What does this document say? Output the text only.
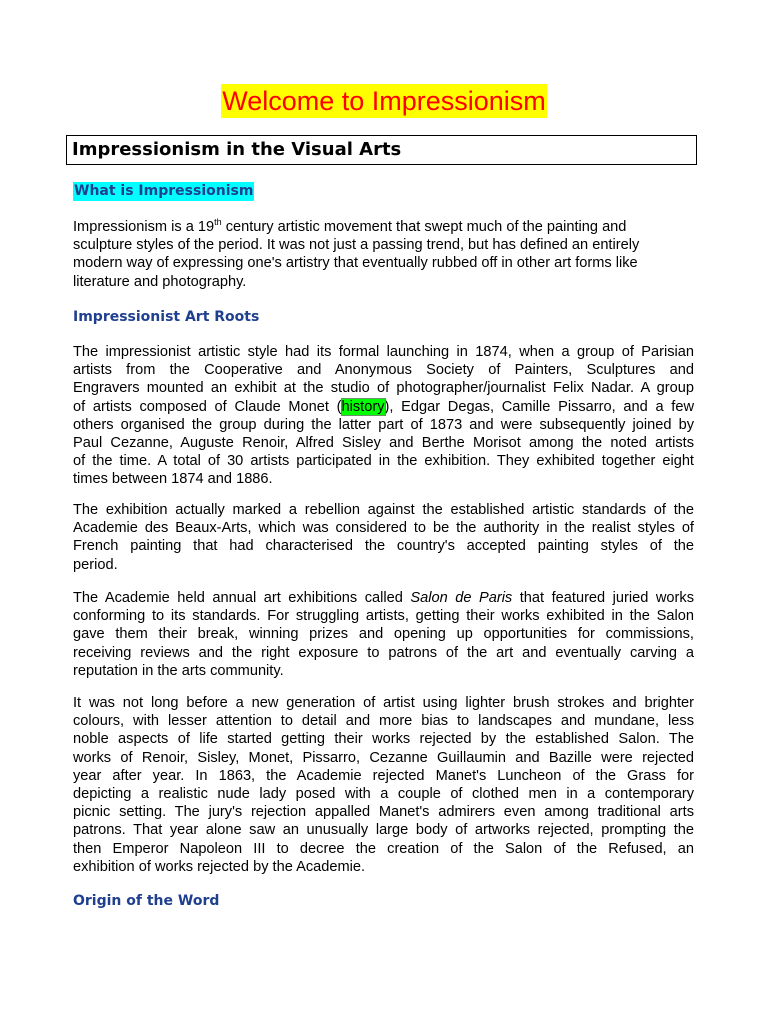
Welcome to Impressionism
Impressionism in the Visual Arts
What is Impressionism

Impressionism is a 19th century artistic movement that swept much of the painting and
sculpture styles of the period. It was not just a passing trend, but has defined an entirely
modern way of expressing one's artistry that eventually rubbed off in other art forms like
literature and photography.

Impressionist Art Roots

The impressionist artistic style had its formal launching in 1874, when a group of Parisian
artists from the Cooperative and Anonymous Society of Painters, Sculptures and
Engravers mounted an exhibit at the studio of photographer/journalist Felix Nadar. A group
of artists composed of Claude Monet (history), Edgar Degas, Camille Pissarro, and a few
others organised the group during the latter part of 1873 and were subsequently joined by
Paul Cezanne, Auguste Renoir, Alfred Sisley and Berthe Morisot among the noted artists
of the time. A total of 30 artists participated in the exhibition. They exhibited together eight
times between 1874 and 1886.

The exhibition actually marked a rebellion against the established artistic standards of the
Academie des Beaux-Arts, which was considered to be the authority in the realist styles of
French painting that had characterised the country's accepted painting styles of the
period.

The Academie held annual art exhibitions called Salon de Paris that featured juried works
conforming to its standards. For struggling artists, getting their works exhibited in the Salon
gave them their break, winning prizes and opening up opportunities for commissions,
receiving reviews and the right exposure to patrons of the art and eventually carving a
reputation in the arts community.

It was not long before a new generation of artist using lighter brush strokes and brighter
colours, with lesser attention to detail and more bias to landscapes and mundane, less
noble aspects of life started getting their works rejected by the established Salon. The
works of Renoir, Sisley, Monet, Pissarro, Cezanne Guillaumin and Bazille were rejected
year after year. In 1863, the Academie rejected Manet's Luncheon of the Grass for
depicting a realistic nude lady posed with a couple of clothed men in a contemporary
picnic setting. The jury's rejection appalled Manet's admirers even among traditional arts
patrons. That year alone saw an unusually large body of artworks rejected, prompting the
then Emperor Napoleon III to decree the creation of the Salon of the Refused, an
exhibition of works rejected by the Academie.

Origin of the Word
